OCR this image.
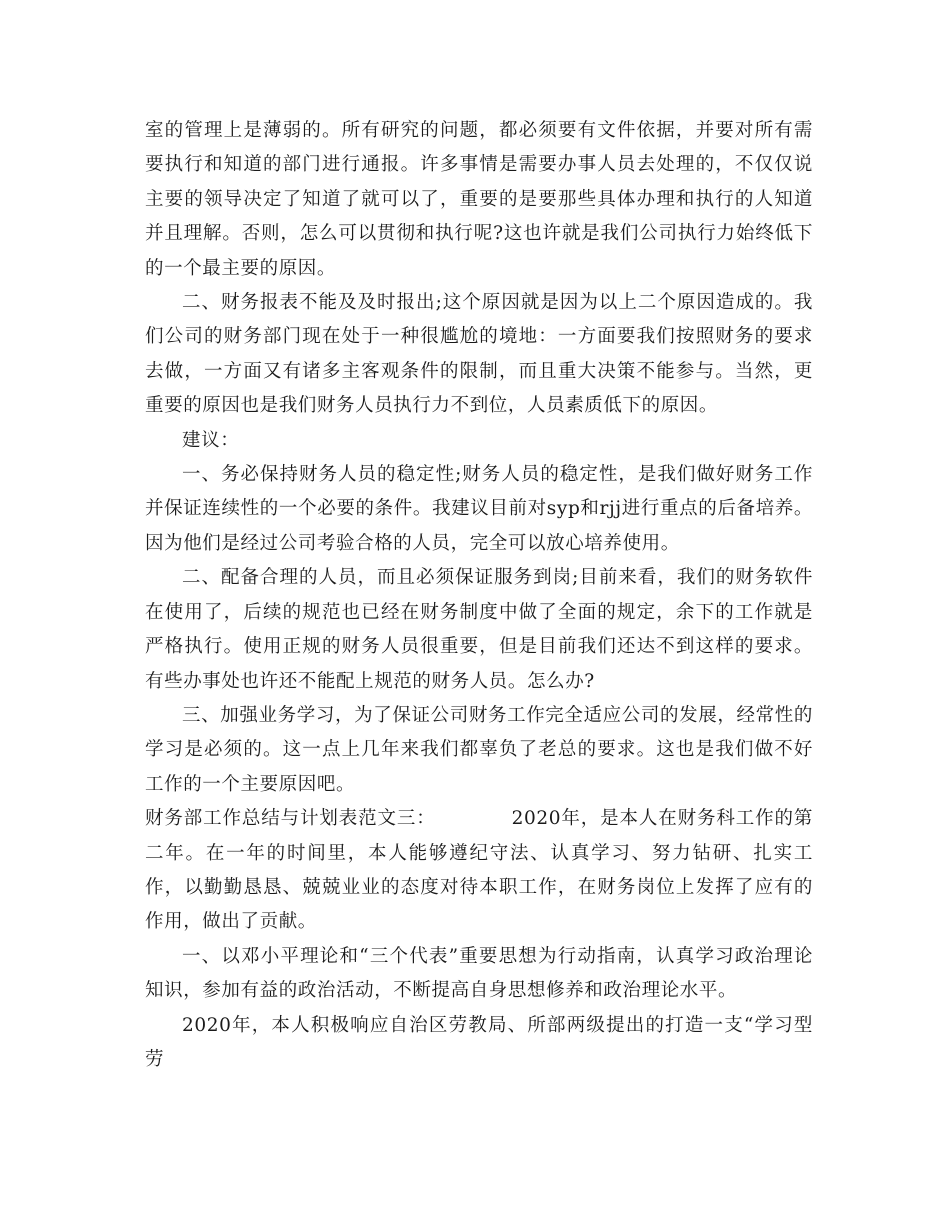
室的管理上是薄弱的。所有研究的问题，都必须要有文件依据，并要对所有需要执行和知道的部门进行通报。许多事情是需要办事人员去处理的，不仅仅说主要的领导决定了知道了就可以了，重要的是要那些具体办理和执行的人知道并且理解。否则，怎么可以贯彻和执行呢?这也许就是我们公司执行力始终低下的一个最主要的原因。

二、财务报表不能及及时报出;这个原因就是因为以上二个原因造成的。我们公司的财务部门现在处于一种很尴尬的境地：一方面要我们按照财务的要求去做，一方面又有诸多主客观条件的限制，而且重大决策不能参与。当然，更重要的原因也是我们财务人员执行力不到位，人员素质低下的原因。

建议：

一、务必保持财务人员的稳定性;财务人员的稳定性，是我们做好财务工作并保证连续性的一个必要的条件。我建议目前对syp和rjj进行重点的后备培养。因为他们是经过公司考验合格的人员，完全可以放心培养使用。

二、配备合理的人员，而且必须保证服务到岗;目前来看，我们的财务软件在使用了，后续的规范也已经在财务制度中做了全面的规定，余下的工作就是严格执行。使用正规的财务人员很重要，但是目前我们还达不到这样的要求。有些办事处也许还不能配上规范的财务人员。怎么办?

三、加强业务学习，为了保证公司财务工作完全适应公司的发展，经常性的学习是必须的。这一点上几年来我们都辜负了老总的要求。这也是我们做不好工作的一个主要原因吧。

财务部工作总结与计划表范文三：	2020年，是本人在财务科工作的第二年。在一年的时间里，本人能够遵纪守法、认真学习、努力钻研、扎实工作，以勤勤恳恳、兢兢业业的态度对待本职工作，在财务岗位上发挥了应有的作用，做出了贡献。

一、以邓小平理论和“三个代表”重要思想为行动指南，认真学习政治理论知识，参加有益的政治活动，不断提高自身思想修养和政治理论水平。

2020年，本人积极响应自治区劳教局、所部两级提出的打造一支“学习型劳
